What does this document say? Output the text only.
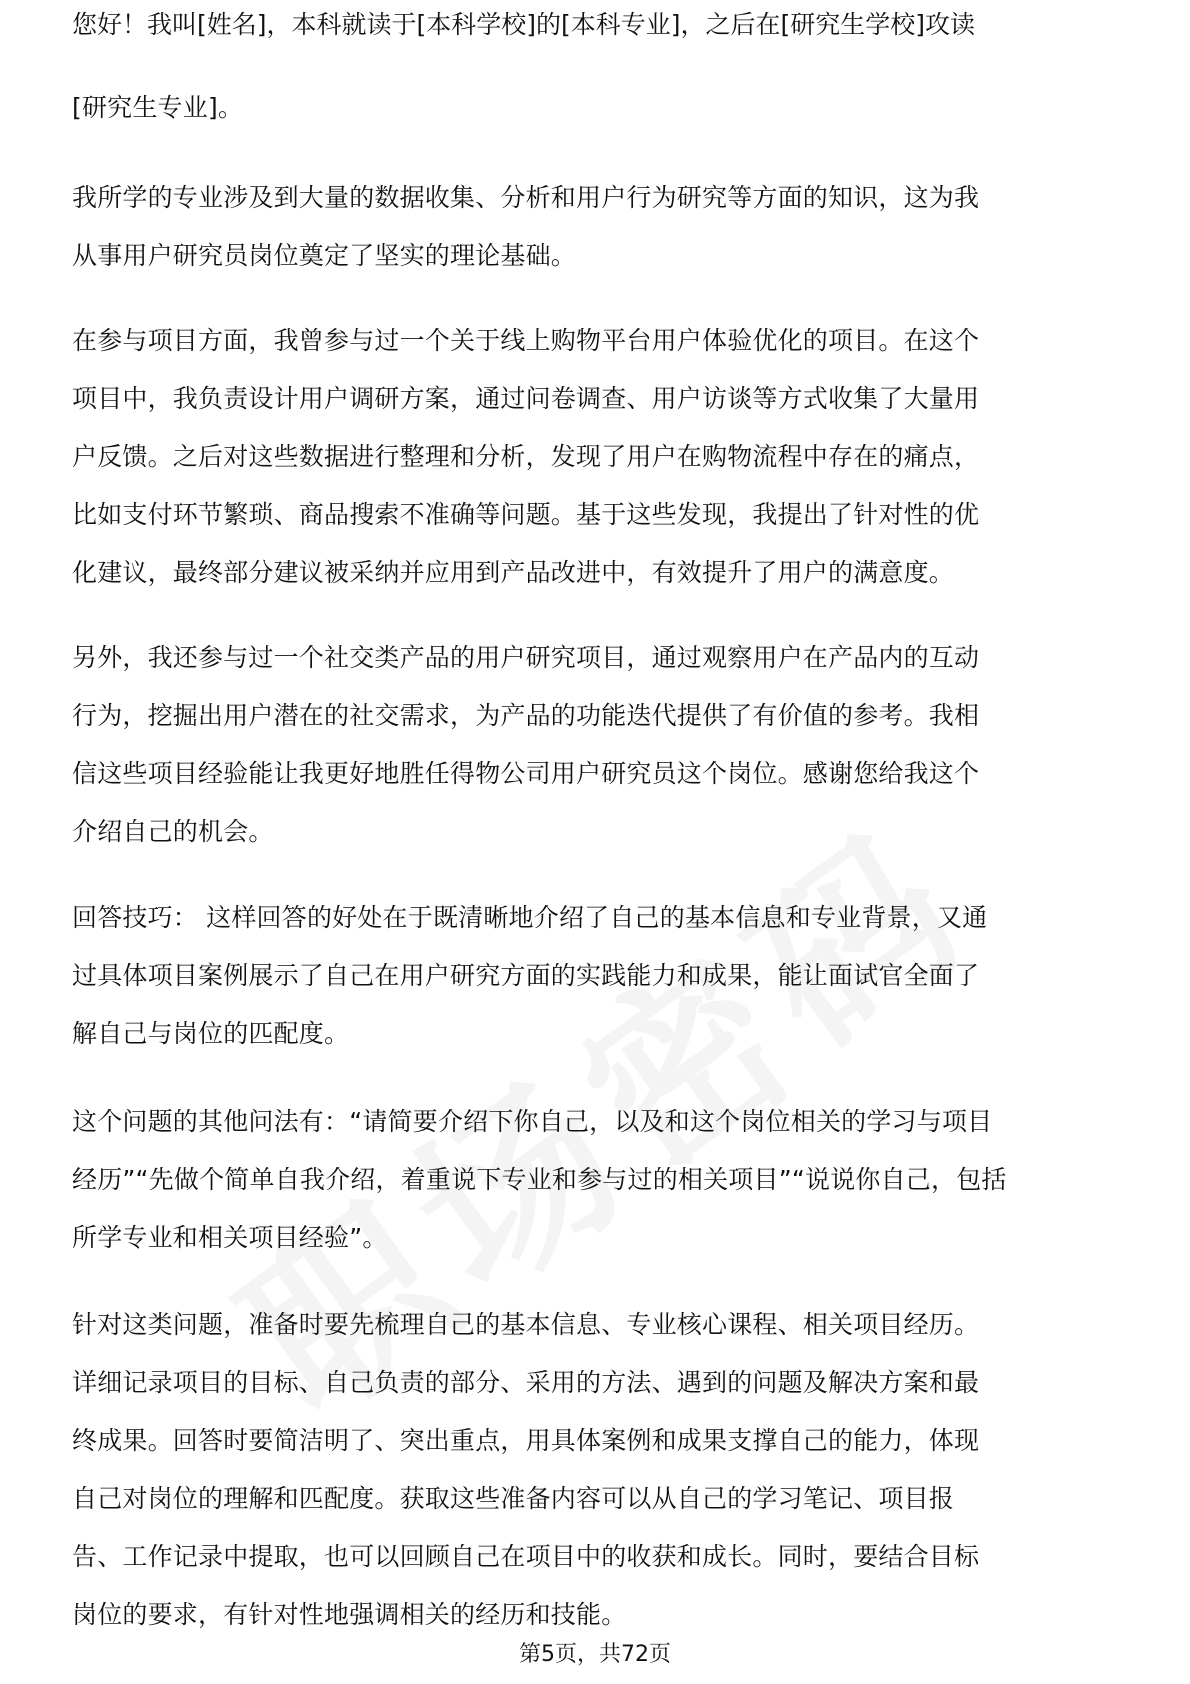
您好！我叫[姓名]，本科就读于[本科学校]的[本科专业]，之后在[研究生学校]攻读
[研究生专业]。
我所学的专业涉及到大量的数据收集、分析和用户行为研究等方面的知识，这为我
从事用户研究员岗位奠定了坚实的理论基础。
在参与项目方面，我曾参与过一个关于线上购物平台用户体验优化的项目。在这个
项目中，我负责设计用户调研方案，通过问卷调查、用户访谈等方式收集了大量用
户反馈。之后对这些数据进行整理和分析，发现了用户在购物流程中存在的痛点，
比如支付环节繁琐、商品搜索不准确等问题。基于这些发现，我提出了针对性的优
化建议，最终部分建议被采纳并应用到产品改进中，有效提升了用户的满意度。
另外，我还参与过一个社交类产品的用户研究项目，通过观察用户在产品内的互动
行为，挖掘出用户潜在的社交需求，为产品的功能迭代提供了有价值的参考。我相
信这些项目经验能让我更好地胜任得物公司用户研究员这个岗位。感谢您给我这个
介绍自己的机会。
回答技巧： 这样回答的好处在于既清晰地介绍了自己的基本信息和专业背景，又通
过具体项目案例展示了自己在用户研究方面的实践能力和成果，能让面试官全面了
解自己与岗位的匹配度。
这个问题的其他问法有：“请简要介绍下你自己，以及和这个岗位相关的学习与项目
经历”“先做个简单自我介绍，着重说下专业和参与过的相关项目”“说说你自己，包括
所学专业和相关项目经验”。
针对这类问题，准备时要先梳理自己的基本信息、专业核心课程、相关项目经历。
详细记录项目的目标、自己负责的部分、采用的方法、遇到的问题及解决方案和最
终成果。回答时要简洁明了、突出重点，用具体案例和成果支撑自己的能力，体现
自己对岗位的理解和匹配度。获取这些准备内容可以从自己的学习笔记、项目报
告、工作记录中提取，也可以回顾自己在项目中的收获和成长。同时，要结合目标
岗位的要求，有针对性地强调相关的经历和技能。
第5页，共72页
